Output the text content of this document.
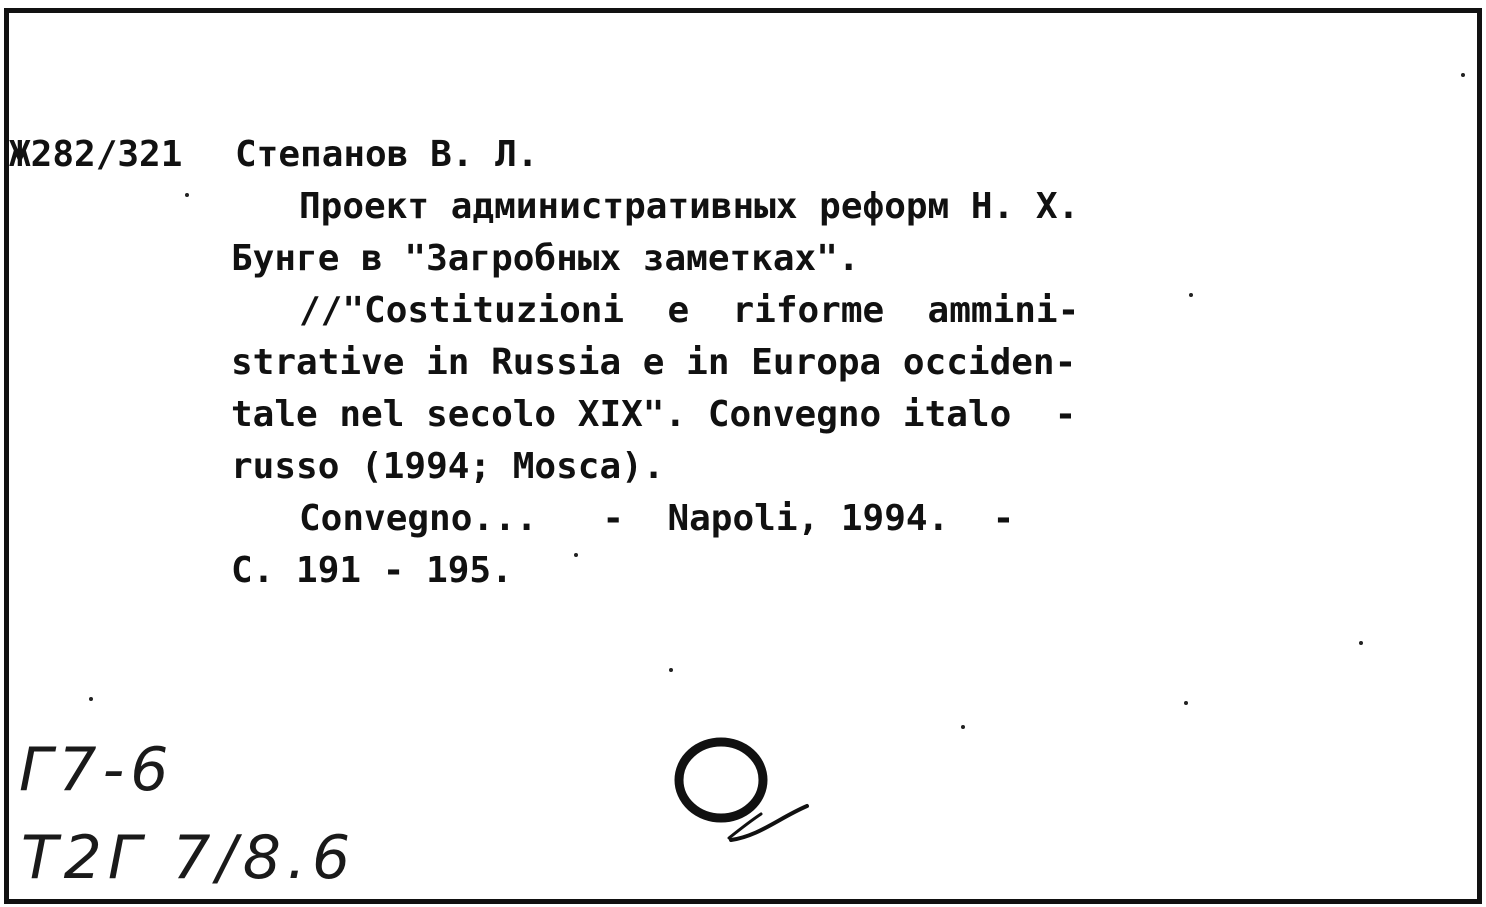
Ж282/321 Степанов В. Л.
Проект административных реформ Н. Х.
Бунге в "Загробных заметках".
//"Costituzioni  e  riforme  ammini-
strative in Russia e in Europa occiden-
tale nel secolo XIX". Convegno italo  -
russo (1994; Mosca).
Convegno...   -  Napoli, 1994.  -
С. 191 - 195.
Г7-6
Т2Г 7/8.6
